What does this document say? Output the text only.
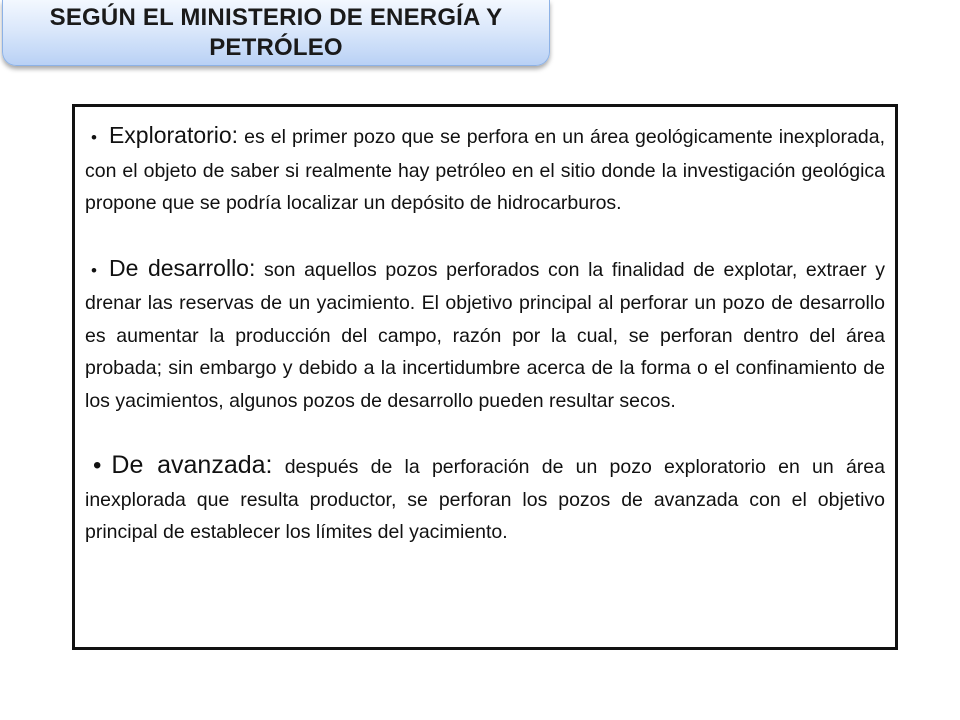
SEGÚN EL MINISTERIO DE ENERGÍA Y
PETRÓLEO

• Exploratorio: es el primer pozo que se perfora en un área geológicamente inexplorada, con el objeto de saber si realmente hay petróleo en el sitio donde la investigación geológica propone que se podría localizar un depósito de hidrocarburos.

• De desarrollo: son aquellos pozos perforados con la finalidad de explotar, extraer y drenar las reservas de un yacimiento. El objetivo principal al perforar un pozo de desarrollo es aumentar la producción del campo, razón por la cual, se perforan dentro del área probada; sin embargo y debido a la incertidumbre acerca de la forma o el confinamiento de los yacimientos, algunos pozos de desarrollo pueden resultar secos.

• De avanzada: después de la perforación de un pozo exploratorio en un área inexplorada que resulta productor, se perforan los pozos de avanzada con el objetivo principal de establecer los límites del yacimiento.
